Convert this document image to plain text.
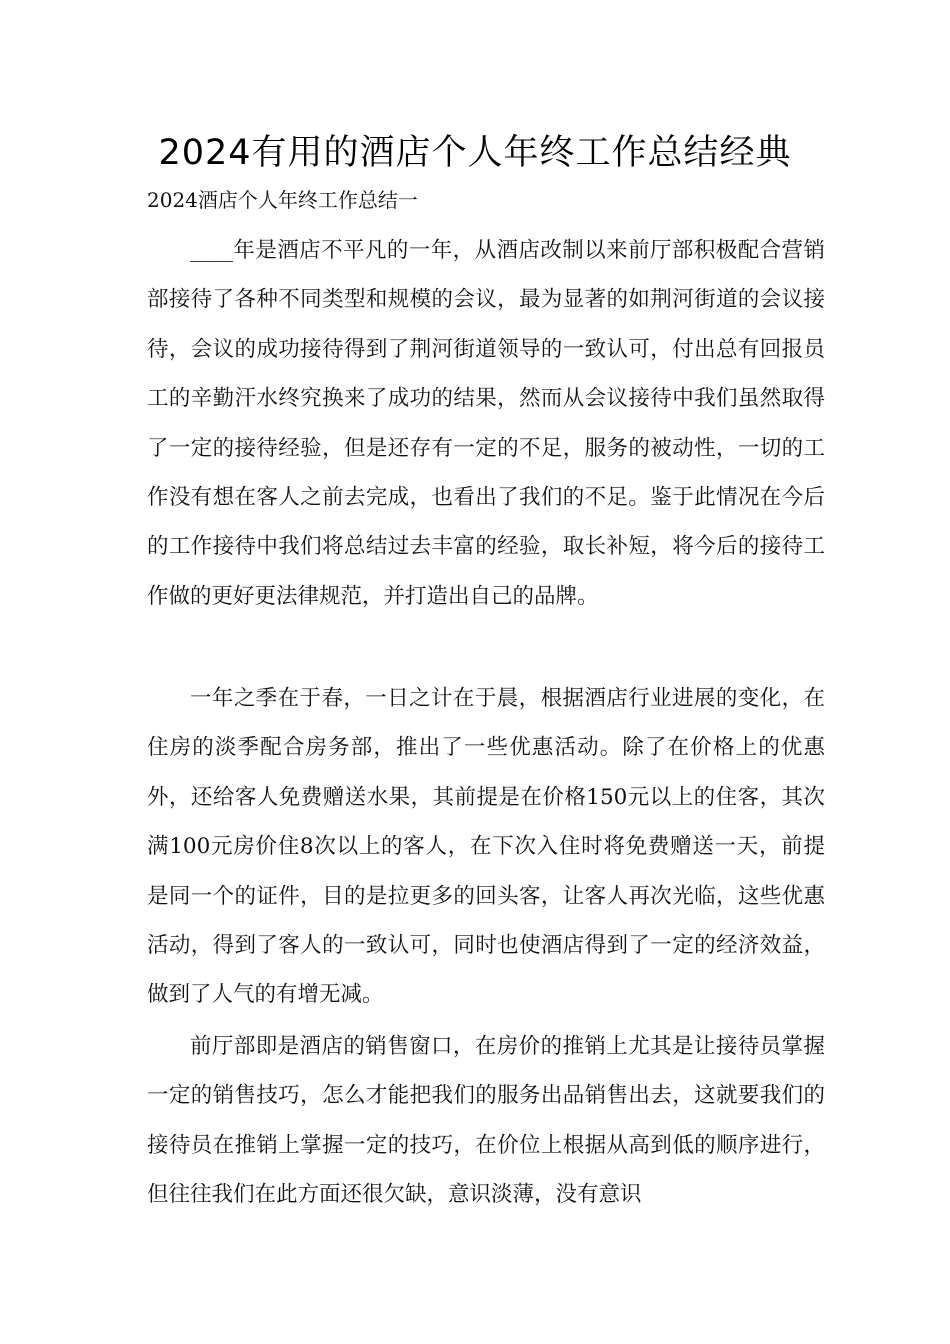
2024有用的酒店个人年终工作总结经典

2024酒店个人年终工作总结一

____年是酒店不平凡的一年，从酒店改制以来前厅部积极配合营销部接待了各种不同类型和规模的会议，最为显著的如荆河街道的会议接待，会议的成功接待得到了荆河街道领导的一致认可，付出总有回报员工的辛勤汗水终究换来了成功的结果，然而从会议接待中我们虽然取得了一定的接待经验，但是还存有一定的不足，服务的被动性，一切的工作没有想在客人之前去完成，也看出了我们的不足。鉴于此情况在今后的工作接待中我们将总结过去丰富的经验，取长补短，将今后的接待工作做的更好更法律规范，并打造出自己的品牌。

一年之季在于春，一日之计在于晨，根据酒店行业进展的变化，在住房的淡季配合房务部，推出了一些优惠活动。除了在价格上的优惠外，还给客人免费赠送水果，其前提是在价格150元以上的住客，其次满100元房价住8次以上的客人，在下次入住时将免费赠送一天，前提是同一个的证件，目的是拉更多的回头客，让客人再次光临，这些优惠活动，得到了客人的一致认可，同时也使酒店得到了一定的经济效益，做到了人气的有增无减。

前厅部即是酒店的销售窗口，在房价的推销上尤其是让接待员掌握一定的销售技巧，怎么才能把我们的服务出品销售出去，这就要我们的接待员在推销上掌握一定的技巧，在价位上根据从高到低的顺序进行，但往往我们在此方面还很欠缺，意识淡薄，没有意识
